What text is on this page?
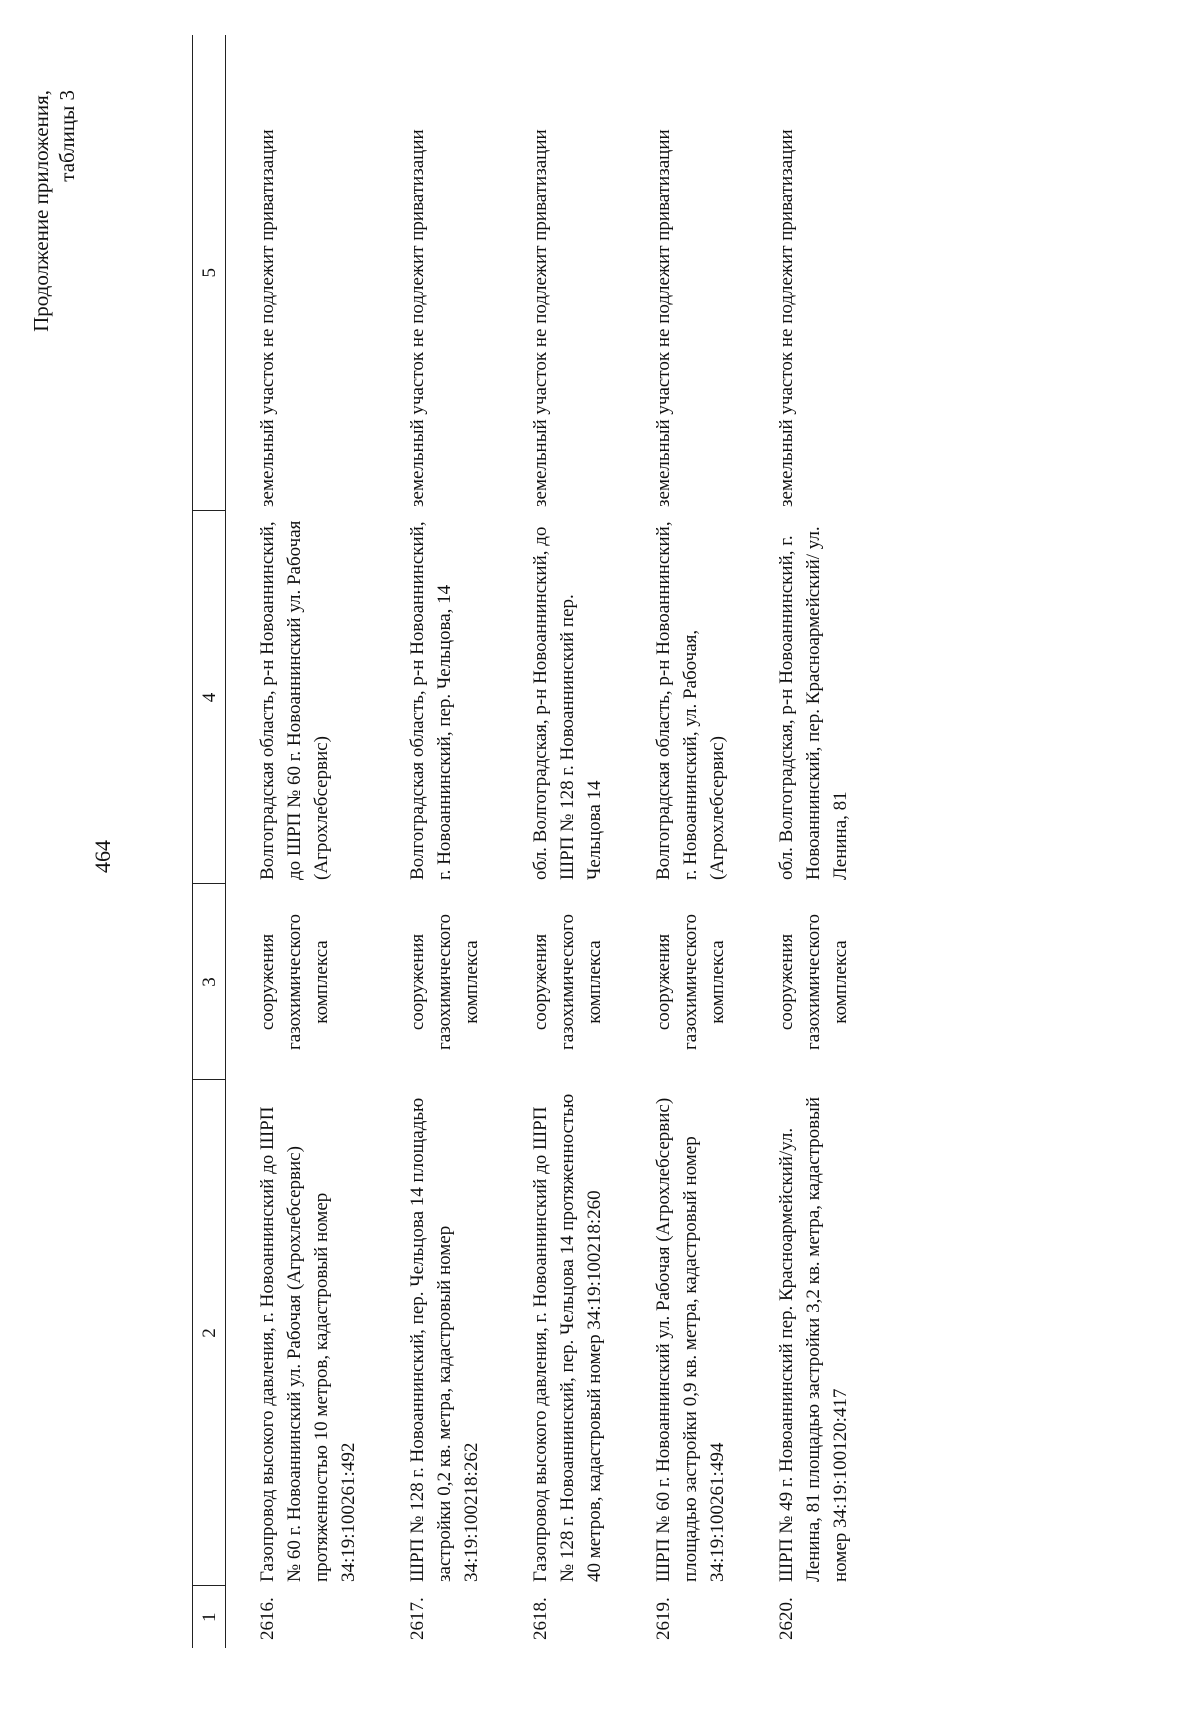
464
Продолжение приложения, таблицы 3
1	2	3	4	5
2616.	Газопровод высокого давления, г. Новоаннинский до ШРП № 60 г. Новоаннинский ул. Рабочая (Агрохлебсервис) протяженностью 10 метров, кадастровый номер 34:19:100261:492	сооружения газохимического комплекса	Волгоградская область, р-н Новоаннинский, до ШРП № 60 г. Новоаннинский ул. Рабочая (Агрохлебсервис)	земельный участок не подлежит приватизации
2617.	ШРП № 128 г. Новоаннинский, пер. Чельцова 14 площадью застройки 0,2 кв. метра, кадастровый номер 34:19:100218:262	сооружения газохимического комплекса	Волгоградская область, р-н Новоаннинский, г. Новоаннинский, пер. Чельцова, 14	земельный участок не подлежит приватизации
2618.	Газопровод высокого давления, г. Новоаннинский до ШРП № 128 г. Новоаннинский, пер. Чельцова 14 протяженностью 40 метров, кадастровый номер 34:19:100218:260	сооружения газохимического комплекса	обл. Волгоградская, р-н Новоаннинский, до ШРП № 128 г. Новоаннинский пер. Чельцова 14	земельный участок не подлежит приватизации
2619.	ШРП № 60 г. Новоаннинский ул. Рабочая (Агрохлебсервис) площадью застройки 0,9 кв. метра, кадастровый номер 34:19:100261:494	сооружения газохимического комплекса	Волгоградская область, р-н Новоаннинский, г. Новоаннинский, ул. Рабочая, (Агрохлебсервис)	земельный участок не подлежит приватизации
2620.	ШРП № 49 г. Новоаннинский пер. Красноармейский/ул. Ленина, 81 площадью застройки 3,2 кв. метра, кадастровый номер 34:19:100120:417	сооружения газохимического комплекса	обл. Волгоградская, р-н Новоаннинский, г. Новоаннинский, пер. Красноармейский/ ул. Ленина, 81	земельный участок не подлежит приватизации
